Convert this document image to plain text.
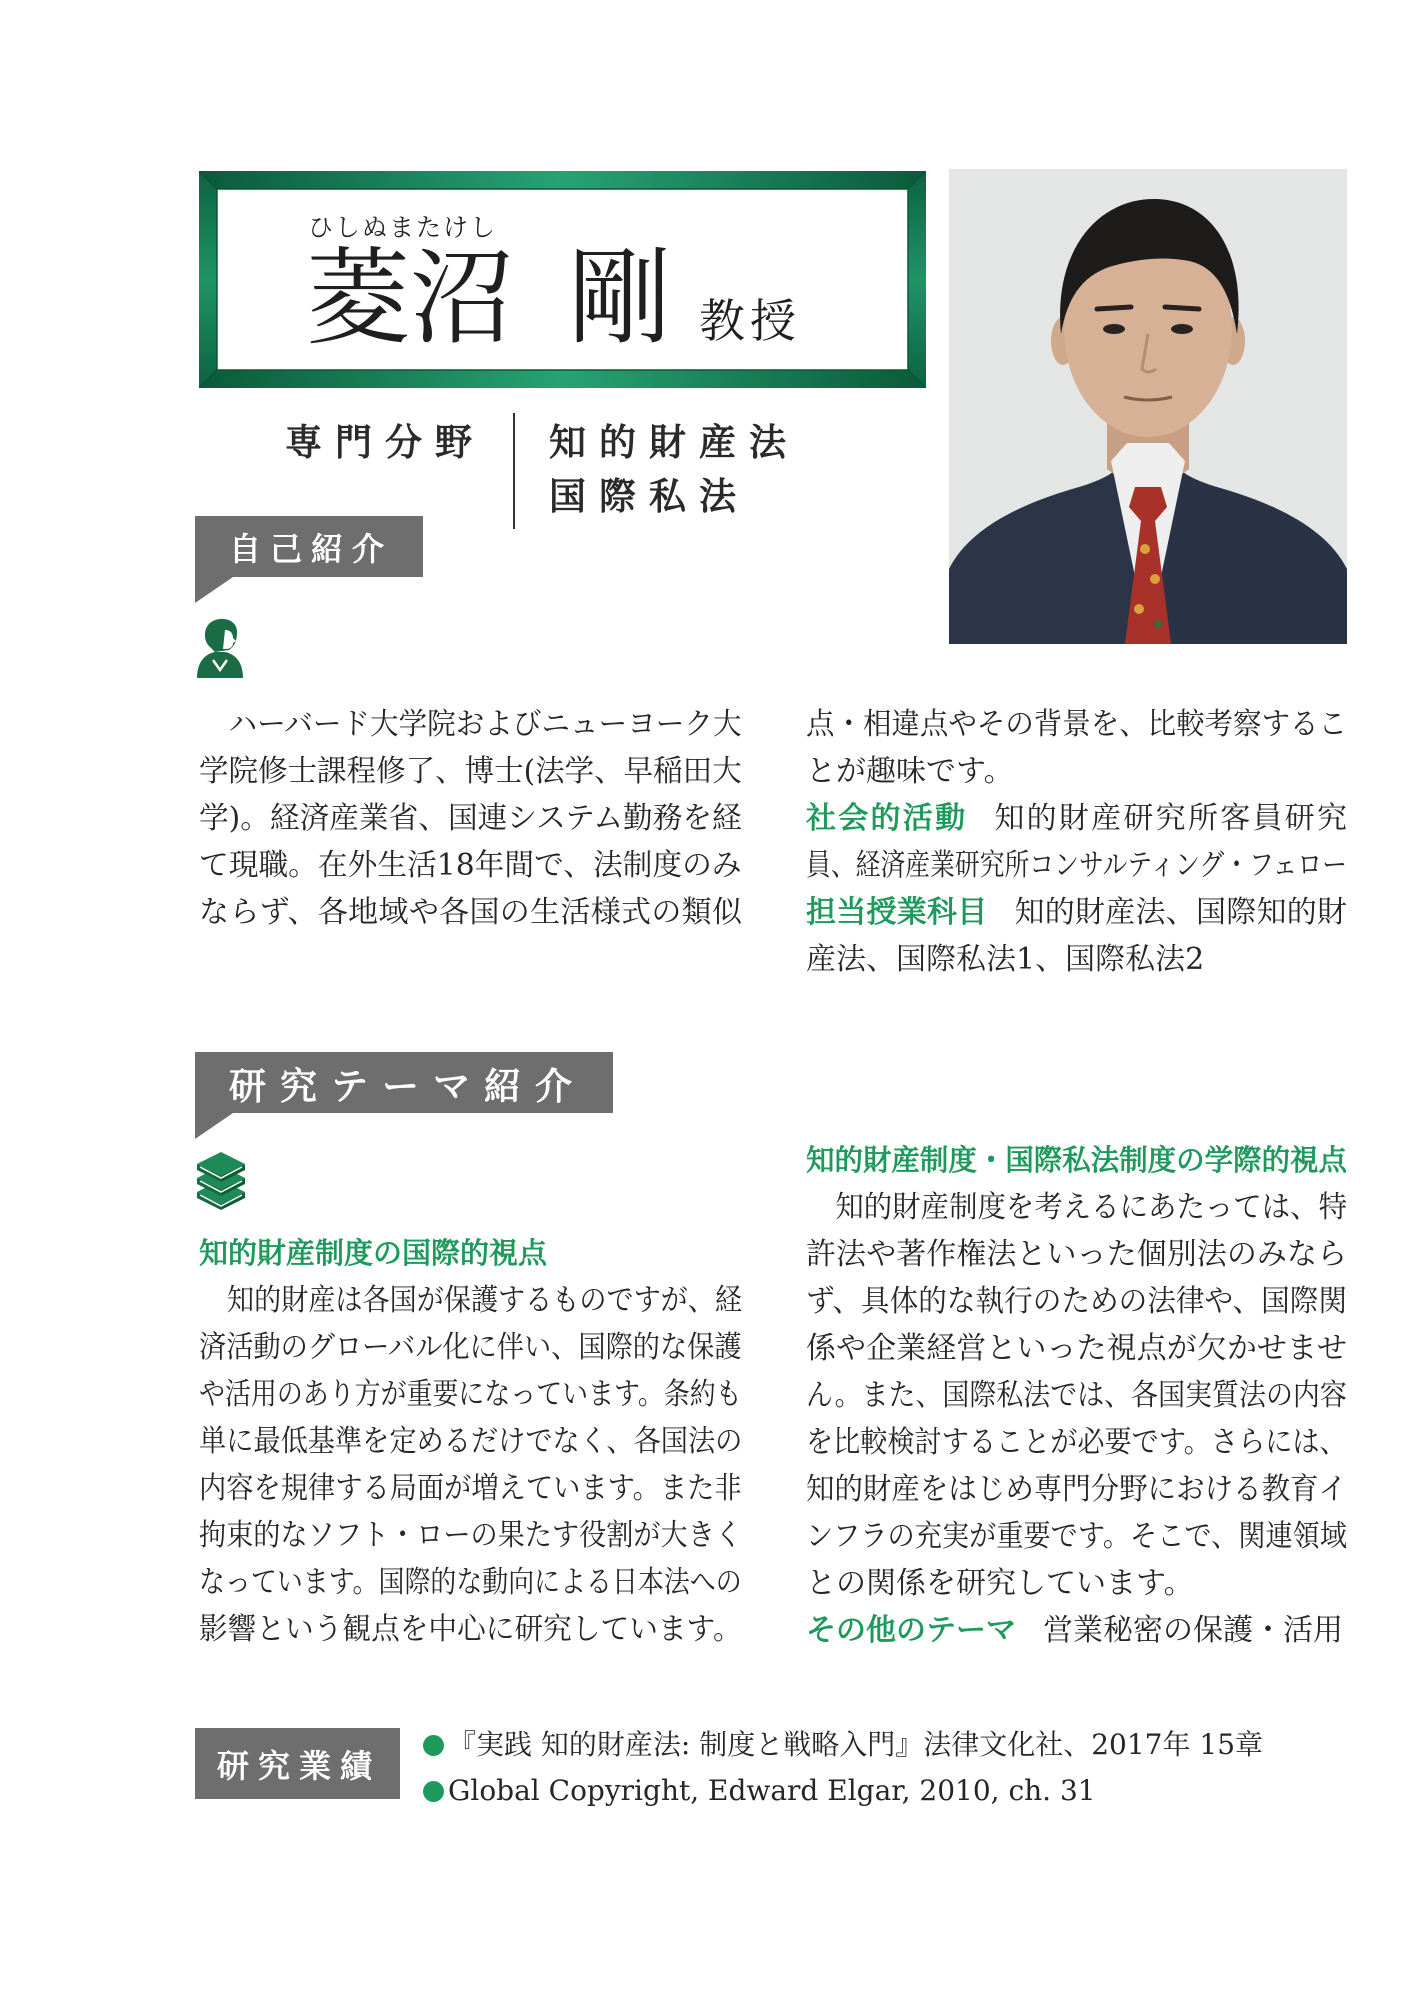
ひしぬまたけし
菱沼 剛 教授
専門分野 知的財産法
国際私法
自己紹介
ハーバード大学院およびニューヨーク大
学院修士課程修了、博士(法学、早稲田大
学)。経済産業省、国連システム勤務を経
て現職。在外生活18年間で、法制度のみ
ならず、各地域や各国の生活様式の類似
点・相違点やその背景を、比較考察するこ
とが趣味です。
社会的活動 知的財産研究所客員研究
員、経済産業研究所コンサルティング・フェロー
担当授業科目 知的財産法、国際知的財
産法、国際私法1、国際私法2
研究テーマ紹介
知的財産制度の国際的視点
知的財産は各国が保護するものですが、経
済活動のグローバル化に伴い、国際的な保護
や活用のあり方が重要になっています。条約も
単に最低基準を定めるだけでなく、各国法の
内容を規律する局面が増えています。また非
拘束的なソフト・ローの果たす役割が大きく
なっています。国際的な動向による日本法への
影響という観点を中心に研究しています。
知的財産制度・国際私法制度の学際的視点
知的財産制度を考えるにあたっては、特
許法や著作権法といった個別法のみなら
ず、具体的な執行のための法律や、国際関
係や企業経営といった視点が欠かせませ
ん。また、国際私法では、各国実質法の内容
を比較検討することが必要です。さらには、
知的財産をはじめ専門分野における教育イ
ンフラの充実が重要です。そこで、関連領域
との関係を研究しています。
その他のテーマ 営業秘密の保護・活用
研究業績
『実践 知的財産法: 制度と戦略入門』法律文化社、2017年 15章
Global Copyright, Edward Elgar, 2010, ch. 31
